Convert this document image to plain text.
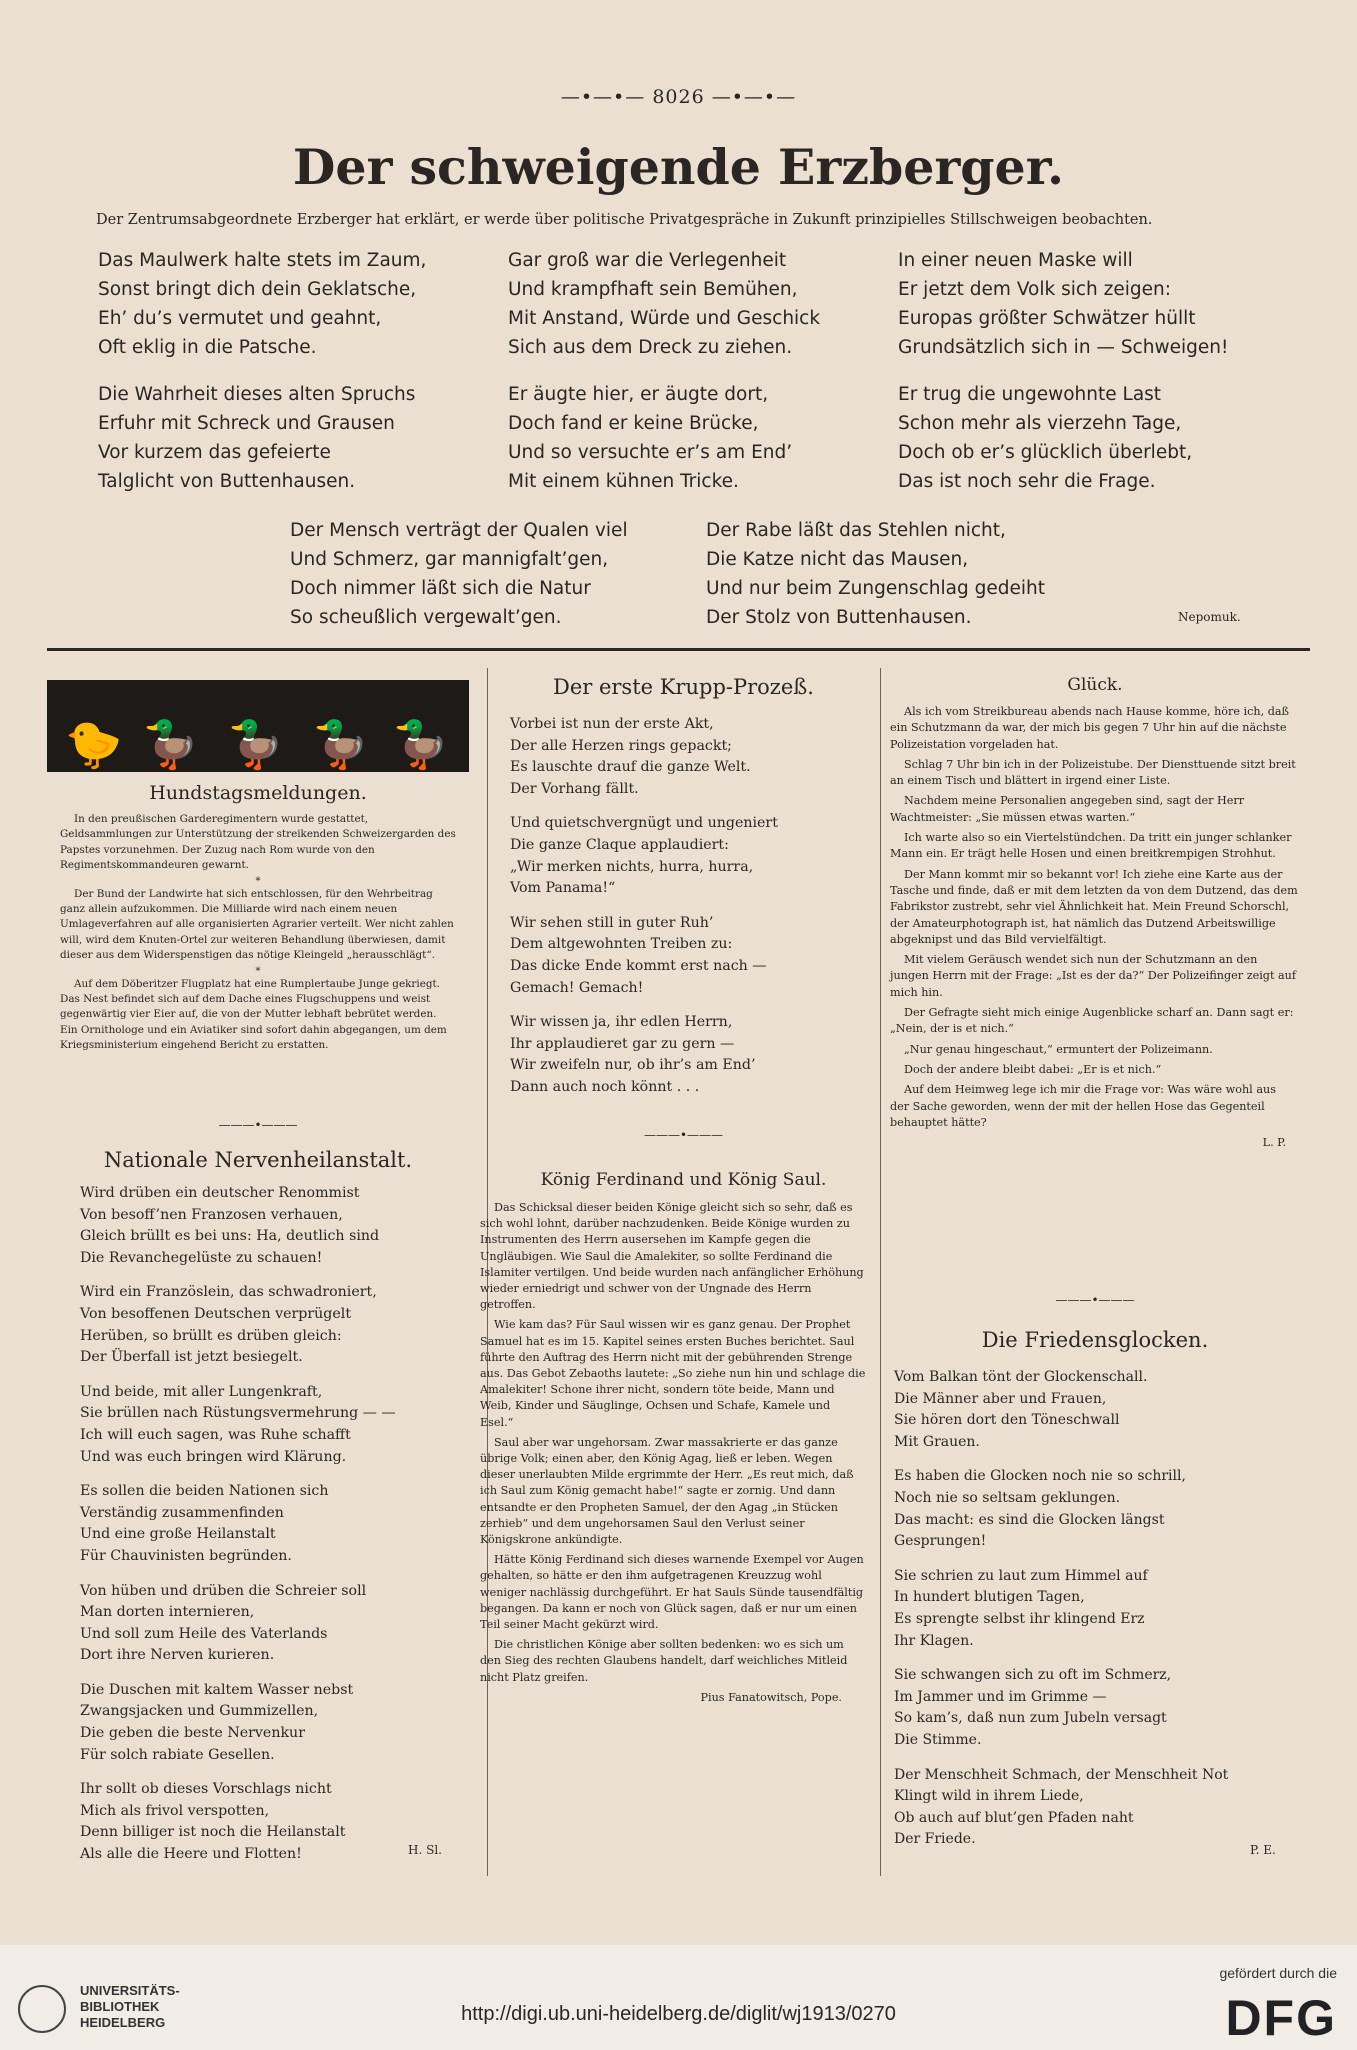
—•—•— 8026 —•—•—
Der schweigende Erzberger.
Der Zentrumsabgeordnete Erzberger hat erklärt, er werde über politische Privatgespräche in Zukunft prinzipielles Stillschweigen beobachten.
Das Maulwerk halte stets im Zaum,
Sonst bringt dich dein Geklatsche,
Eh’ du’s vermutet und geahnt,
Oft eklig in die Patsche.
Gar groß war die Verlegenheit
Und krampfhaft sein Bemühen,
Mit Anstand, Würde und Geschick
Sich aus dem Dreck zu ziehen.
In einer neuen Maske will
Er jetzt dem Volk sich zeigen:
Europas größter Schwätzer hüllt
Grundsätzlich sich in — Schweigen!
Die Wahrheit dieses alten Spruchs
Erfuhr mit Schreck und Grausen
Vor kurzem das gefeierte
Talglicht von Buttenhausen.
Er äugte hier, er äugte dort,
Doch fand er keine Brücke,
Und so versuchte er’s am End’
Mit einem kühnen Tricke.
Er trug die ungewohnte Last
Schon mehr als vierzehn Tage,
Doch ob er’s glücklich überlebt,
Das ist noch sehr die Frage.
Der Mensch verträgt der Qualen viel
Und Schmerz, gar mannigfalt’gen,
Doch nimmer läßt sich die Natur
So scheußlich vergewalt’gen.
Der Rabe läßt das Stehlen nicht,
Die Katze nicht das Mausen,
Und nur beim Zungenschlag gedeiht
Der Stolz von Buttenhausen.	Nepomuk.
🐤 🦆 🦆 🦆 🦆
Hundstagsmeldungen.

In den preußischen Garderegimentern wurde gestattet, Geldsammlungen zur Unterstützung der streikenden Schweizergarden des Papstes vorzunehmen. Der Zuzug nach Rom wurde von den Regimentskommandeuren gewarnt.

*

Der Bund der Landwirte hat sich entschlossen, für den Wehrbeitrag ganz allein aufzukommen. Die Milliarde wird nach einem neuen Umlageverfahren auf alle organisierten Agrarier verteilt. Wer nicht zahlen will, wird dem Knuten-Ortel zur weiteren Behandlung überwiesen, damit dieser aus dem Widerspenstigen das nötige Kleingeld „herausschlägt“.

*

Auf dem Döberitzer Flugplatz hat eine Rumplertaube Junge gekriegt. Das Nest befindet sich auf dem Dache eines Flugschuppens und weist gegenwärtig vier Eier auf, die von der Mutter lebhaft bebrütet werden. Ein Ornithologe und ein Aviatiker sind sofort dahin abgegangen, um dem Kriegsministerium eingehend Bericht zu erstatten.

———•———
Nationale Nervenheilanstalt.
Wird drüben ein deutscher Renommist
Von besoff’nen Franzosen verhauen,
Gleich brüllt es bei uns: Ha, deutlich sind
Die Revanchegelüste zu schauen!
Wird ein Französlein, das schwadroniert,
Von besoffenen Deutschen verprügelt
Herüben, so brüllt es drüben gleich:
Der Überfall ist jetzt besiegelt.
Und beide, mit aller Lungenkraft,
Sie brüllen nach Rüstungsvermehrung — —
Ich will euch sagen, was Ruhe schafft
Und was euch bringen wird Klärung.
Es sollen die beiden Nationen sich
Verständig zusammenfinden
Und eine große Heilanstalt
Für Chauvinisten begründen.
Von hüben und drüben die Schreier soll
Man dorten internieren,
Und soll zum Heile des Vaterlands
Dort ihre Nerven kurieren.
Die Duschen mit kaltem Wasser nebst
Zwangsjacken und Gummizellen,
Die geben die beste Nervenkur
Für solch rabiate Gesellen.
Ihr sollt ob dieses Vorschlags nicht
Mich als frivol verspotten,
Denn billiger ist noch die Heilanstalt
Als alle die Heere und Flotten!	H. Sl.
Der erste Krupp-Prozeß.
Vorbei ist nun der erste Akt,
Der alle Herzen rings gepackt;
Es lauschte drauf die ganze Welt.
Der Vorhang fällt.
Und quietschvergnügt und ungeniert
Die ganze Claque applaudiert:
„Wir merken nichts, hurra, hurra,
Vom Panama!“
Wir sehen still in guter Ruh’
Dem altgewohnten Treiben zu:
Das dicke Ende kommt erst nach —
Gemach! Gemach!
Wir wissen ja, ihr edlen Herrn,
Ihr applaudieret gar zu gern —
Wir zweifeln nur, ob ihr’s am End’
Dann auch noch könnt . . .
———•———
König Ferdinand und König Saul.

Das Schicksal dieser beiden Könige gleicht sich so sehr, daß es sich wohl lohnt, darüber nachzudenken. Beide Könige wurden zu Instrumenten des Herrn ausersehen im Kampfe gegen die Ungläubigen. Wie Saul die Amalekiter, so sollte Ferdinand die Islamiter vertilgen. Und beide wurden nach anfänglicher Erhöhung wieder erniedrigt und schwer von der Ungnade des Herrn getroffen.

Wie kam das? Für Saul wissen wir es ganz genau. Der Prophet Samuel hat es im 15. Kapitel seines ersten Buches berichtet. Saul führte den Auftrag des Herrn nicht mit der gebührenden Strenge aus. Das Gebot Zebaoths lautete: „So ziehe nun hin und schlage die Amalekiter! Schone ihrer nicht, sondern töte beide, Mann und Weib, Kinder und Säuglinge, Ochsen und Schafe, Kamele und Esel.“

Saul aber war ungehorsam. Zwar massakrierte er das ganze übrige Volk; einen aber, den König Agag, ließ er leben. Wegen dieser unerlaubten Milde ergrimmte der Herr. „Es reut mich, daß ich Saul zum König gemacht habe!“ sagte er zornig. Und dann entsandte er den Propheten Samuel, der den Agag „in Stücken zerhieb“ und dem ungehorsamen Saul den Verlust seiner Königskrone ankündigte.

Hätte König Ferdinand sich dieses warnende Exempel vor Augen gehalten, so hätte er den ihm aufgetragenen Kreuzzug wohl weniger nachlässig durchgeführt. Er hat Sauls Sünde tausendfältig begangen. Da kann er noch von Glück sagen, daß er nur um einen Teil seiner Macht gekürzt wird.

Die christlichen Könige aber sollten bedenken: wo es sich um den Sieg des rechten Glaubens handelt, darf weichliches Mitleid nicht Platz greifen.

Pius Fanatowitsch, Pope.
Glück.

Als ich vom Streikbureau abends nach Hause komme, höre ich, daß ein Schutzmann da war, der mich bis gegen 7 Uhr hin auf die nächste Polizeistation vorgeladen hat.

Schlag 7 Uhr bin ich in der Polizeistube. Der Diensttuende sitzt breit an einem Tisch und blättert in irgend einer Liste.

Nachdem meine Personalien angegeben sind, sagt der Herr Wachtmeister: „Sie müssen etwas warten.“

Ich warte also so ein Viertelstündchen. Da tritt ein junger schlanker Mann ein. Er trägt helle Hosen und einen breitkrempigen Strohhut.

Der Mann kommt mir so bekannt vor! Ich ziehe eine Karte aus der Tasche und finde, daß er mit dem letzten da von dem Dutzend, das dem Fabrikstor zustrebt, sehr viel Ähnlichkeit hat. Mein Freund Schorschl, der Amateurphotograph ist, hat nämlich das Dutzend Arbeitswillige abgeknipst und das Bild vervielfältigt.

Mit vielem Geräusch wendet sich nun der Schutzmann an den jungen Herrn mit der Frage: „Ist es der da?“ Der Polizeifinger zeigt auf mich hin.

Der Gefragte sieht mich einige Augenblicke scharf an. Dann sagt er: „Nein, der is et nich.“

„Nur genau hingeschaut,“ ermuntert der Polizeimann.

Doch der andere bleibt dabei: „Er is et nich.“

Auf dem Heimweg lege ich mir die Frage vor: Was wäre wohl aus der Sache geworden, wenn der mit der hellen Hose das Gegenteil behauptet hätte?

L. P.
———•———
Die Friedensglocken.
Vom Balkan tönt der Glockenschall.
Die Männer aber und Frauen,
Sie hören dort den Töneschwall
Mit Grauen.
Es haben die Glocken noch nie so schrill,
Noch nie so seltsam geklungen.
Das macht: es sind die Glocken längst
Gesprungen!
Sie schrien zu laut zum Himmel auf
In hundert blutigen Tagen,
Es sprengte selbst ihr klingend Erz
Ihr Klagen.
Sie schwangen sich zu oft im Schmerz,
Im Jammer und im Grimme —
So kam’s, daß nun zum Jubeln versagt
Die Stimme.
Der Menschheit Schmach, der Menschheit Not
Klingt wild in ihrem Liede,
Ob auch auf blut’gen Pfaden naht
Der Friede.
P. E.
UNIVERSITÄTS-
BIBLIOTHEK
HEIDELBERG	http://digi.ub.uni-heidelberg.de/diglit/wj1913/0270
gefördert durch die
DFG
